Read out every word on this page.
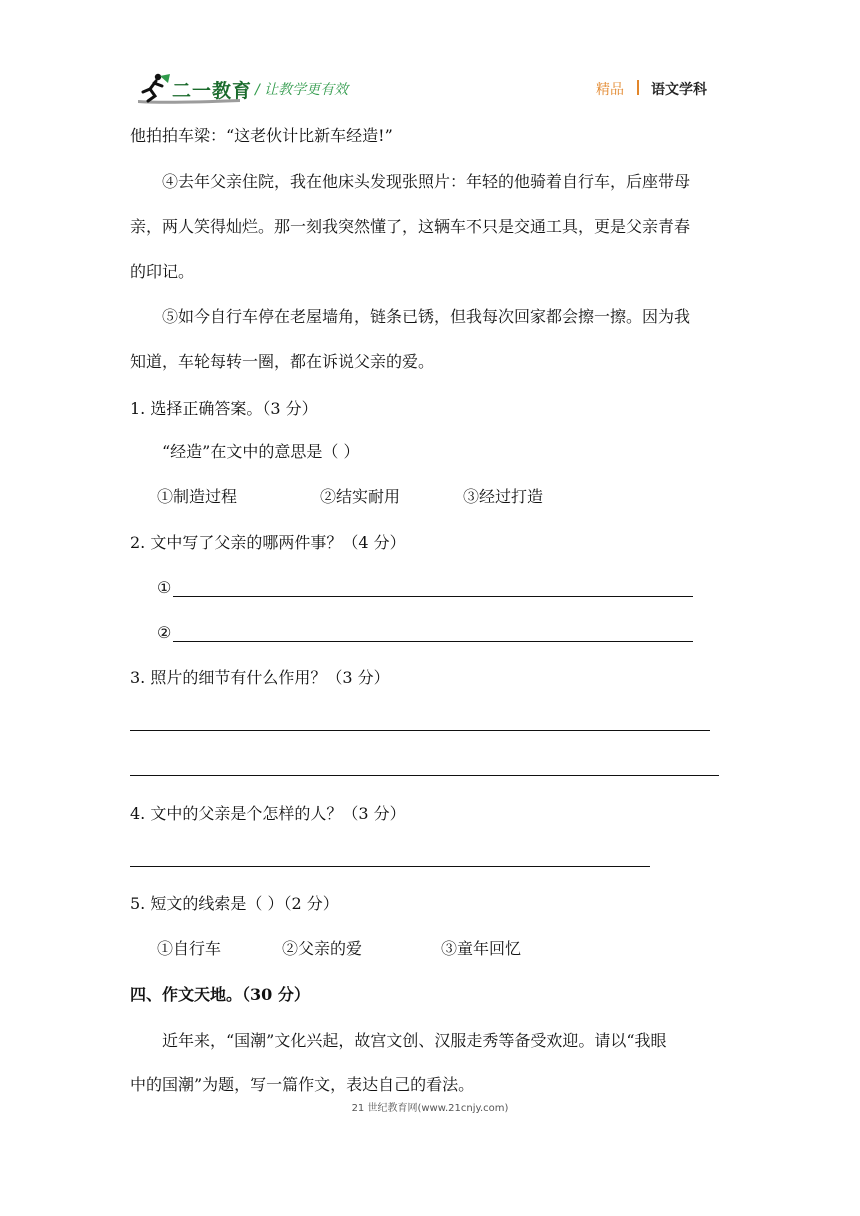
二一教育 / 让教学更有效	精品 语文学科
他拍拍车梁：“这老伙计比新车经造!”
④去年父亲住院，我在他床头发现张照片：年轻的他骑着自行车，后座带母
亲，两人笑得灿烂。那一刻我突然懂了，这辆车不只是交通工具，更是父亲青春
的印记。
⑤如今自行车停在老屋墙角，链条已锈，但我每次回家都会擦一擦。因为我
知道，车轮每转一圈，都在诉说父亲的爱。
1. 选择正确答案。（3 分）
“经造”在文中的意思是（ ）
①制造过程	②结实耐用	③经过打造
2. 文中写了父亲的哪两件事？（4 分）
①
②
3. 照片的细节有什么作用？（3 分）
4. 文中的父亲是个怎样的人？（3 分）
5. 短文的线索是（ ）（2 分）
①自行车	②父亲的爱	③童年回忆
四、作文天地。（30 分）
近年来，“国潮”文化兴起，故宫文创、汉服走秀等备受欢迎。请以“我眼
中的国潮”为题，写一篇作文，表达自己的看法。
21 世纪教育网(www.21cnjy.com)
